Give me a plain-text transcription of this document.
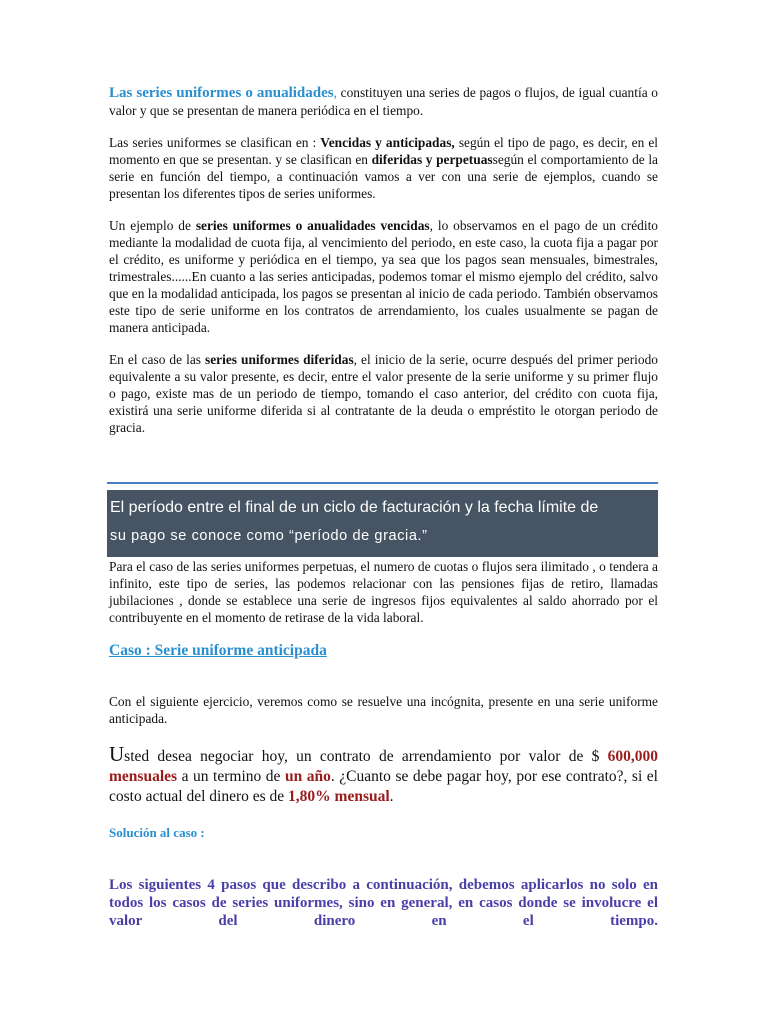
Las series uniformes o anualidades, constituyen una series de pagos o flujos, de igual cuantía o valor y que se presentan de manera periódica en el tiempo.

Las series uniformes se clasifican en : Vencidas y anticipadas, según el tipo de pago, es decir, en el momento en que se presentan. y se clasifican en diferidas y perpetuassegún el comportamiento de la serie en función del tiempo, a continuación vamos a ver con una serie de ejemplos, cuando se presentan los diferentes tipos de series uniformes.

Un ejemplo de series uniformes o anualidades vencidas, lo observamos en el pago de un crédito mediante la modalidad de cuota fija, al vencimiento del periodo, en este caso, la cuota fija a pagar por el crédito, es uniforme y periódica en el tiempo, ya sea que los pagos sean mensuales, bimestrales, trimestrales......En cuanto a las series anticipadas, podemos tomar el mismo ejemplo del crédito, salvo que en la modalidad anticipada, los pagos se presentan al inicio de cada periodo. También observamos este tipo de serie uniforme en los contratos de arrendamiento, los cuales usualmente se pagan de manera anticipada.

En el caso de las series uniformes diferidas, el inicio de la serie, ocurre después del primer periodo equivalente a su valor presente, es decir, entre el valor presente de la serie uniforme y su primer flujo o pago, existe mas de un periodo de tiempo, tomando el caso anterior, del crédito con cuota fija, existirá una serie uniforme diferida si al contratante de la deuda o empréstito le otorgan periodo de gracia.

El período entre el final de un ciclo de facturación y la fecha límite de
su pago se conoce como “período de gracia.”

Para el caso de las series uniformes perpetuas, el numero de cuotas o flujos sera ilimitado , o tendera a infinito, este tipo de series, las podemos relacionar con las pensiones fijas de retiro, llamadas jubilaciones , donde se establece una serie de ingresos fijos equivalentes al saldo ahorrado por el contribuyente en el momento de retirase de la vida laboral.

Caso : Serie uniforme anticipada

Con el siguiente ejercicio, veremos como se resuelve una incógnita, presente en una serie uniforme anticipada.

Usted desea negociar hoy, un contrato de arrendamiento por valor de $ 600,000 mensuales a un termino de un año. ¿Cuanto se debe pagar hoy, por ese contrato?, si el costo actual del dinero es de 1,80% mensual.

Solución al caso :

Los siguientes 4 pasos que describo a continuación, debemos aplicarlos no solo en todos los casos de series uniformes, sino en general, en casos donde se involucre el valor del dinero en el tiempo.
